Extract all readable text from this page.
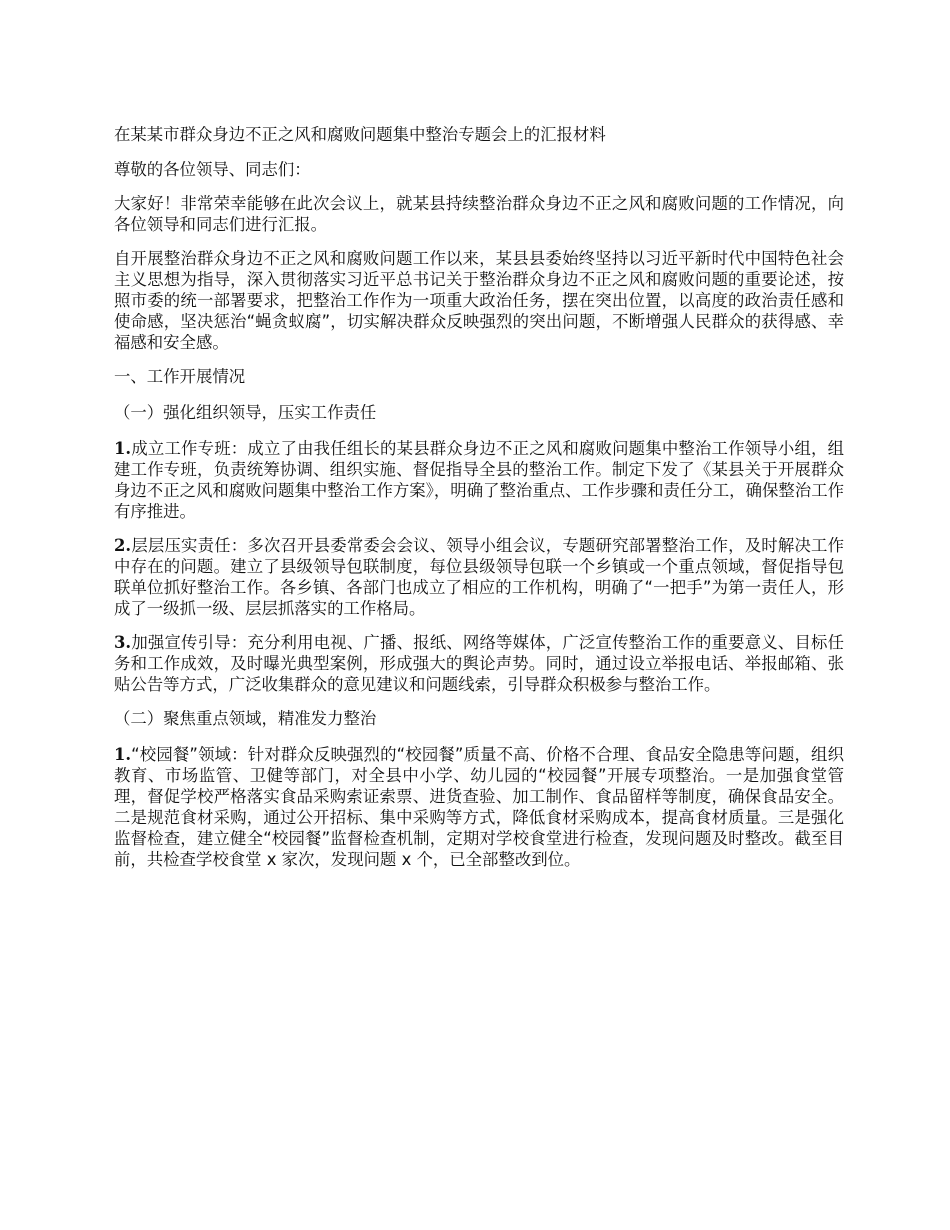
在某某市群众身边不正之风和腐败问题集中整治专题会上的汇报材料

尊敬的各位领导、同志们：

大家好！非常荣幸能够在此次会议上，就某县持续整治群众身边不正之风和腐败问题的工作情况，向各位领导和同志们进行汇报。

自开展整治群众身边不正之风和腐败问题工作以来，某县县委始终坚持以习近平新时代中国特色社会主义思想为指导，深入贯彻落实习近平总书记关于整治群众身边不正之风和腐败问题的重要论述，按照市委的统一部署要求，把整治工作作为一项重大政治任务，摆在突出位置，以高度的政治责任感和使命感，坚决惩治“蝇贪蚁腐”，切实解决群众反映强烈的突出问题，不断增强人民群众的获得感、幸福感和安全感。

一、工作开展情况

（一）强化组织领导，压实工作责任

1.成立工作专班：成立了由我任组长的某县群众身边不正之风和腐败问题集中整治工作领导小组，组建工作专班，负责统筹协调、组织实施、督促指导全县的整治工作。制定下发了《某县关于开展群众身边不正之风和腐败问题集中整治工作方案》，明确了整治重点、工作步骤和责任分工，确保整治工作有序推进。

2.层层压实责任：多次召开县委常委会会议、领导小组会议，专题研究部署整治工作，及时解决工作中存在的问题。建立了县级领导包联制度，每位县级领导包联一个乡镇或一个重点领域，督促指导包联单位抓好整治工作。各乡镇、各部门也成立了相应的工作机构，明确了“一把手”为第一责任人，形成了一级抓一级、层层抓落实的工作格局。

3.加强宣传引导：充分利用电视、广播、报纸、网络等媒体，广泛宣传整治工作的重要意义、目标任务和工作成效，及时曝光典型案例，形成强大的舆论声势。同时，通过设立举报电话、举报邮箱、张贴公告等方式，广泛收集群众的意见建议和问题线索，引导群众积极参与整治工作。

（二）聚焦重点领域，精准发力整治

1.“校园餐”领域：针对群众反映强烈的“校园餐”质量不高、价格不合理、食品安全隐患等问题，组织教育、市场监管、卫健等部门，对全县中小学、幼儿园的“校园餐”开展专项整治。一是加强食堂管理，督促学校严格落实食品采购索证索票、进货查验、加工制作、食品留样等制度，确保食品安全。二是规范食材采购，通过公开招标、集中采购等方式，降低食材采购成本，提高食材质量。三是强化监督检查，建立健全“校园餐”监督检查机制，定期对学校食堂进行检查，发现问题及时整改。截至目前，共检查学校食堂 x 家次，发现问题 x 个，已全部整改到位。
